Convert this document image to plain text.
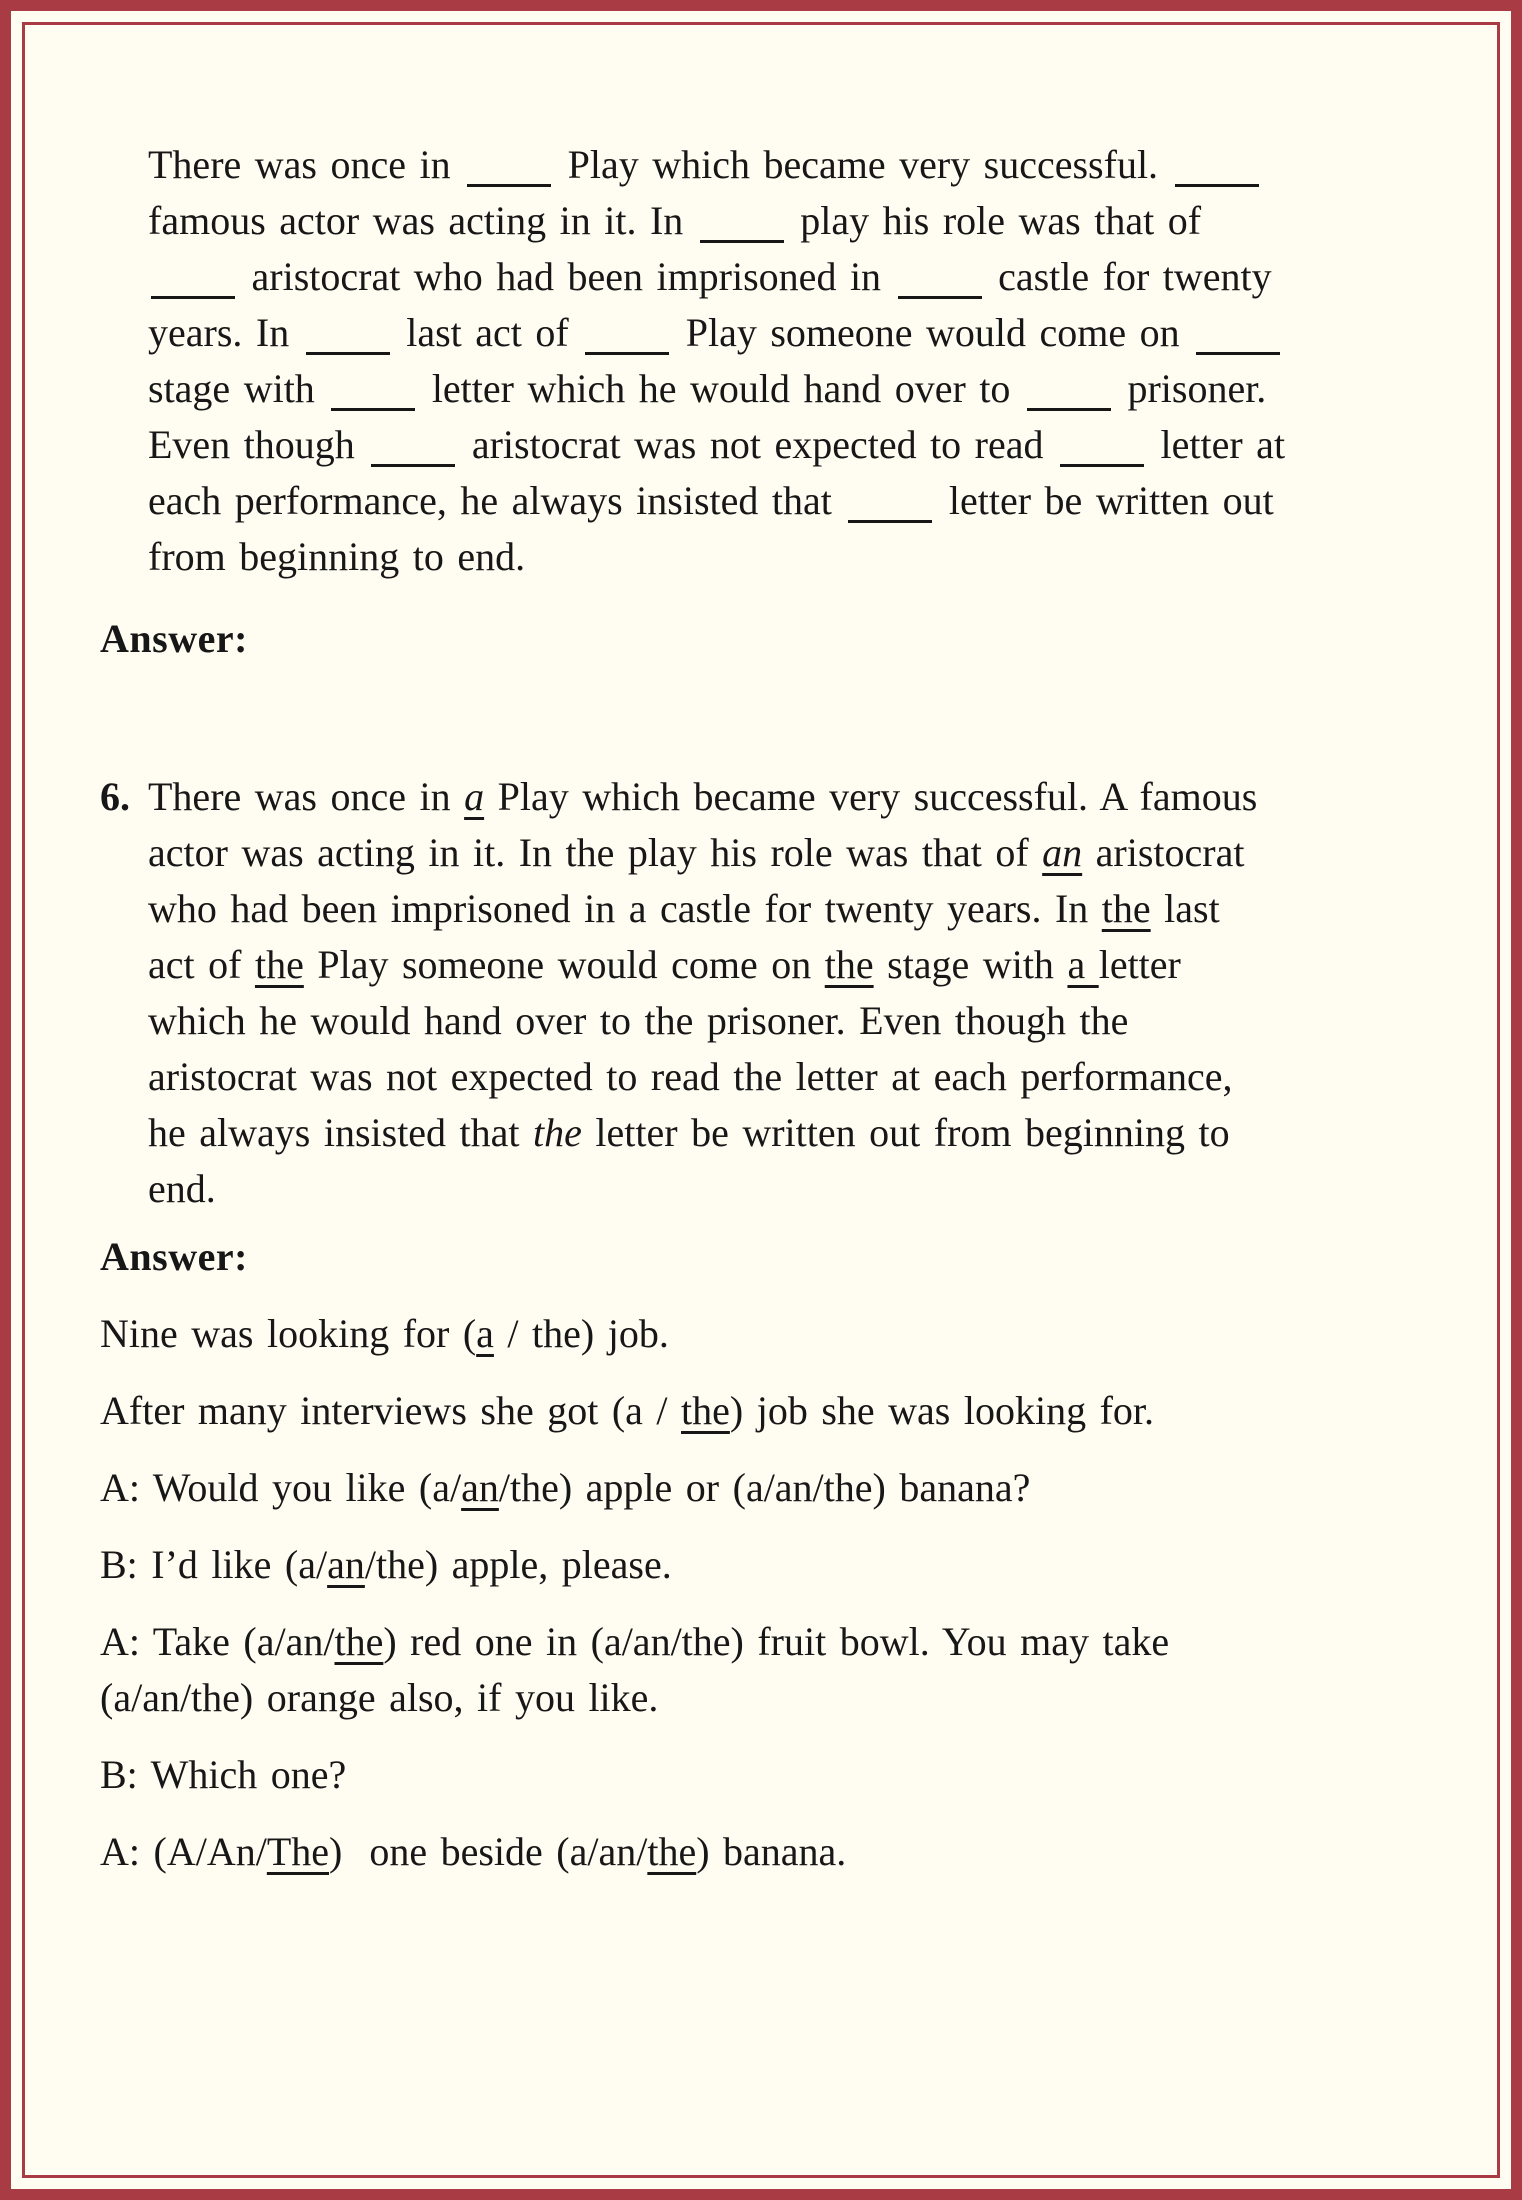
There was once in  Play which became very successful.
famous actor was acting in it. In  play his role was that of
aristocrat who had been imprisoned in  castle for twenty
years. In  last act of  Play someone would come on
stage with  letter which he would hand over to  prisoner.
Even though  aristocrat was not expected to read  letter at
each performance, he always insisted that  letter be written out
from beginning to end.
Answer:
6. There was once in a Play which became very successful. A famous
actor was acting in it. In the play his role was that of an aristocrat
who had been imprisoned in a castle for twenty years. In the last
act of the Play someone would come on the stage with a letter
which he would hand over to the prisoner. Even though the
aristocrat was not expected to read the letter at each performance,
he always insisted that the letter be written out from beginning to
end.
Answer:
Nine was looking for (a / the) job.
After many interviews she got (a / the) job she was looking for.
A: Would you like (a/an/the) apple or (a/an/the) banana?
B: I’d like (a/an/the) apple, please.
A: Take (a/an/the) red one in (a/an/the) fruit bowl. You may take
(a/an/the) orange also, if you like.
B: Which one?
A: (A/An/The)  one beside (a/an/the) banana.
